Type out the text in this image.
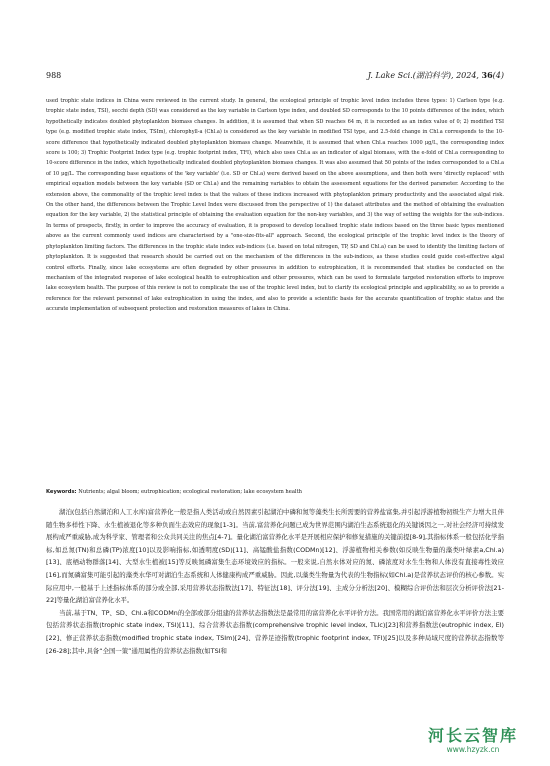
988	J. Lake Sci.(湖泊科学), 2024, 36(4)
used trophic state indices in China were reviewed in the current study. In general, the ecological principle of trophic level index includes three types: 1) Carlson type (e.g. trophic state index, TSI), secchi depth (SD) was considered as the key variable in Carlson type index, and doubled SD corresponds to the 10 points difference of the index, which hypothetically indicates doubled phytoplankton biomass changes. In addition, it is assumed that when SD reaches 64 m, it is recorded as an index value of 0; 2) modified TSI type (e.g. modified trophic state index, TSIm), chlorophyll-a (Chl.a) is considered as the key variable in modified TSI type, and 2.5-fold change in Chl.a corresponds to the 10-score difference that hypothetically indicated doubled phytoplankton biomass change. Meanwhile, it is assumed that when Chl.a reaches 1000 μg/L, the corresponding index score is 100; 3) Trophic Footprint Index type (e.g. trophic footprint index, TFI), which also uses Chl.a as an indicator of algal biomass, with the e-fold of Chl.a corresponding to 10-score difference in the index, which hypothetically indicated doubled phytoplankton biomass changes. It was also assumed that 50 points of the index corresponded to a Chl.a of 10 μg/L. The corresponding base equations of the 'key variable' (i.e. SD or Chl.a) were derived based on the above assumptions, and then both were 'directly replaced' with empirical equation models between the key variable (SD or Chl.a) and the remaining variables to obtain the assessment equations for the derived parameter. According to the extension above, the commonality of the trophic level index is that the values of these indices increased with phytoplankton primary productivity and the associated algal risk. On the other hand, the differences between the Trophic Level Index were discussed from the perspective of 1) the dataset attributes and the method of obtaining the evaluation equation for the key variable, 2) the statistical principle of obtaining the evaluation equation for the non-key variables, and 3) the way of setting the weights for the sub-indices. In terms of prospects, firstly, in order to improve the accuracy of evaluation, it is proposed to develop localised trophic state indices based on the three basic types mentioned above as the current commonly used indices are characterised by a "one-size-fits-all" approach. Second, the ecological principle of the trophic level index is the theory of phytoplankton limiting factors. The differences in the trophic state index sub-indices (i.e. based on total nitrogen, TP, SD and Chl.a) can be used to identify the limiting factors of phytoplankton. It is suggested that research should be carried out on the mechanism of the differences in the sub-indices, as these studies could guide cost-effective algal control efforts. Finally, since lake ecosystems are often degraded by other pressures in addition to eutrophication, it is recommended that studies be conducted on the mechanism of the integrated response of lake ecological health to eutrophication and other pressures, which can be used to formulate targeted restoration efforts to improve lake ecosystem health. The purpose of this review is not to complicate the use of the trophic level index, but to clarify its ecological principle and applicability, so as to provide a reference for the relevant personnel of lake eutrophication in using the index, and also to provide a scientific basis for the accurate quantification of trophic status and the accurate implementation of subsequent protection and restoration measures of lakes in China.
Keywords: Nutrients; algal bloom; eutrophication; ecological restoration; lake ecosystem health

湖泊(包括自然湖泊和人工水库)富营养化一般是指人类活动或自然因素引起湖泊中磷和氮等藻类生长所需要的营养盐富集,并引起浮游植物初级生产力增大且伴随生物多样性下降、水生植被退化等多种负面生态效应的现象[1-3]。当前,富营养化问题已成为世界范围内湖泊生态系统退化的关键诱因之一,对社会经济可持续发展构成严重威胁,成为科学家、管理者和公众共同关注的焦点[4-7]。量化湖泊富营养化水平是开展相应保护和修复措施的关键前提[8-9],其指标体系一般包括化学指标,如总氮(TN)和总磷(TP)浓度[10]以及影响指标,如透明度(SD)[11]、高锰酸盐指数(CODMn)[12]、浮游植物相关参数(如反映生物量的藻类叶绿素a,Chl.a)[13]、底栖动物群落[14]、大型水生植被[15]等反映氮磷富集生态环境效应的指标。一般来说,自然水体对应的氮、磷浓度对水生生物和人体没有直接毒性效应[16],而氮磷富集可能引起的藻类水华可对湖泊生态系统和人体健康构成严重威胁。因此,以藻类生物量为代表的生物指标(如Chl.a)是营养状态评价的核心参数。实际应用中,一般基于上述指标体系的部分或全部,采用营养状态指数法[17]、特征法[18]、评分法[19]、主成分分析法[20]、模糊综合评价法和层次分析评价法[21-22]等量化湖泊富营养化水平。

当前,基于TN、TP、SD、Chl.a和CODMn的全部或部分组建的营养状态指数法是最常用的富营养化水平评价方法。我国常用的湖泊富营养化水平评价方法主要包括营养状态指数(trophic state index, TSI)[11]、综合营养状态指数(comprehensive trophic level index, TLIc)[23]和营养指数法(eutrophic index, EI)[22]、修正营养状态指数(modified trophic state index, TSIm)[24]、营养足迹指数(trophic footprint index, TFI)[25]以及多种局域尺度的营养状态指数等[26-28];其中,具备“全国一策”通用属性的营养状态指数(如TSI和

河长云智库
www.hzyzk.cn
